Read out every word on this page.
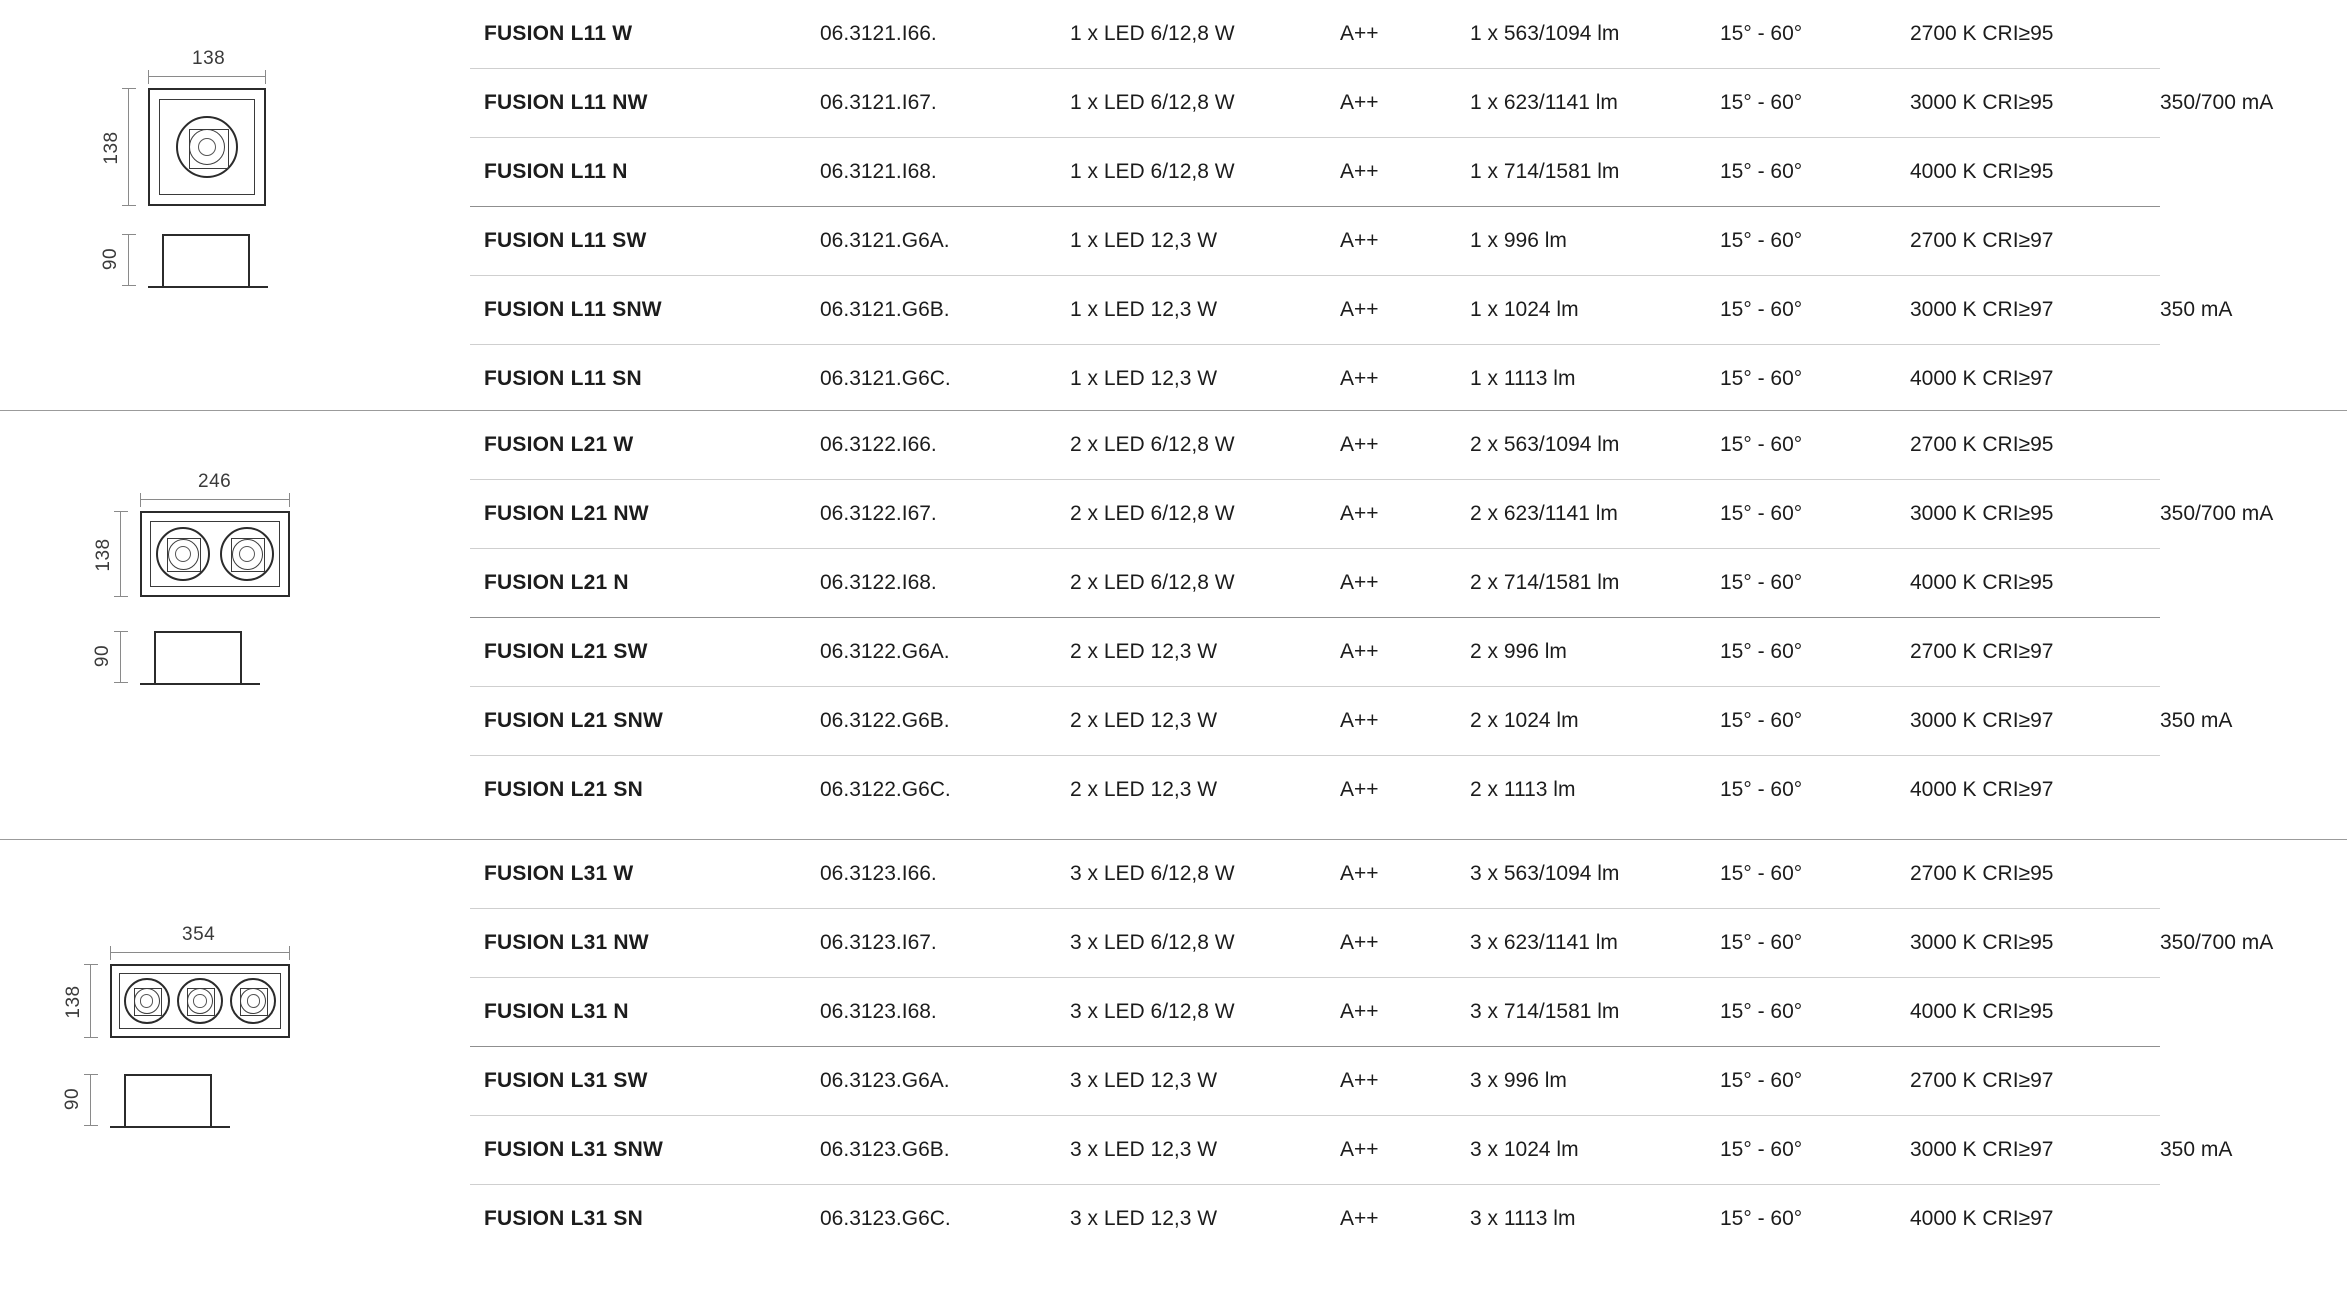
138
138
90
FUSION L11 W	06.3121.I66.	1 x LED 6/12,8 W	A++	1 x 563/1094 lm	15° - 60°	2700 K CRI≥95	350/700 mA
FUSION L11 NW	06.3121.I67.	1 x LED 6/12,8 W	A++	1 x 623/1141 lm	15° - 60°	3000 K CRI≥95	
FUSION L11 N	06.3121.I68.	1 x LED 6/12,8 W	A++	1 x 714/1581 lm	15° - 60°	4000 K CRI≥95	
FUSION L11 SW	06.3121.G6A.	1 x LED 12,3 W	A++	1 x 996 lm	15° - 60°	2700 K CRI≥97	350 mA
FUSION L11 SNW	06.3121.G6B.	1 x LED 12,3 W	A++	1 x 1024 lm	15° - 60°	3000 K CRI≥97	
FUSION L11 SN	06.3121.G6C.	1 x LED 12,3 W	A++	1 x 1113 lm	15° - 60°	4000 K CRI≥97	
246
138
90
FUSION L21 W	06.3122.I66.	2 x LED 6/12,8 W	A++	2 x 563/1094 lm	15° - 60°	2700 K CRI≥95	350/700 mA
FUSION L21 NW	06.3122.I67.	2 x LED 6/12,8 W	A++	2 x 623/1141 lm	15° - 60°	3000 K CRI≥95	
FUSION L21 N	06.3122.I68.	2 x LED 6/12,8 W	A++	2 x 714/1581 lm	15° - 60°	4000 K CRI≥95	
FUSION L21 SW	06.3122.G6A.	2 x LED 12,3 W	A++	2 x 996 lm	15° - 60°	2700 K CRI≥97	350 mA
FUSION L21 SNW	06.3122.G6B.	2 x LED 12,3 W	A++	2 x 1024 lm	15° - 60°	3000 K CRI≥97	
FUSION L21 SN	06.3122.G6C.	2 x LED 12,3 W	A++	2 x 1113 lm	15° - 60°	4000 K CRI≥97	
354
138
90
FUSION L31 W	06.3123.I66.	3 x LED 6/12,8 W	A++	3 x 563/1094 lm	15° - 60°	2700 K CRI≥95	350/700 mA
FUSION L31 NW	06.3123.I67.	3 x LED 6/12,8 W	A++	3 x 623/1141 lm	15° - 60°	3000 K CRI≥95	
FUSION L31 N	06.3123.I68.	3 x LED 6/12,8 W	A++	3 x 714/1581 lm	15° - 60°	4000 K CRI≥95	
FUSION L31 SW	06.3123.G6A.	3 x LED 12,3 W	A++	3 x 996 lm	15° - 60°	2700 K CRI≥97	350 mA
FUSION L31 SNW	06.3123.G6B.	3 x LED 12,3 W	A++	3 x 1024 lm	15° - 60°	3000 K CRI≥97	
FUSION L31 SN	06.3123.G6C.	3 x LED 12,3 W	A++	3 x 1113 lm	15° - 60°	4000 K CRI≥97	
